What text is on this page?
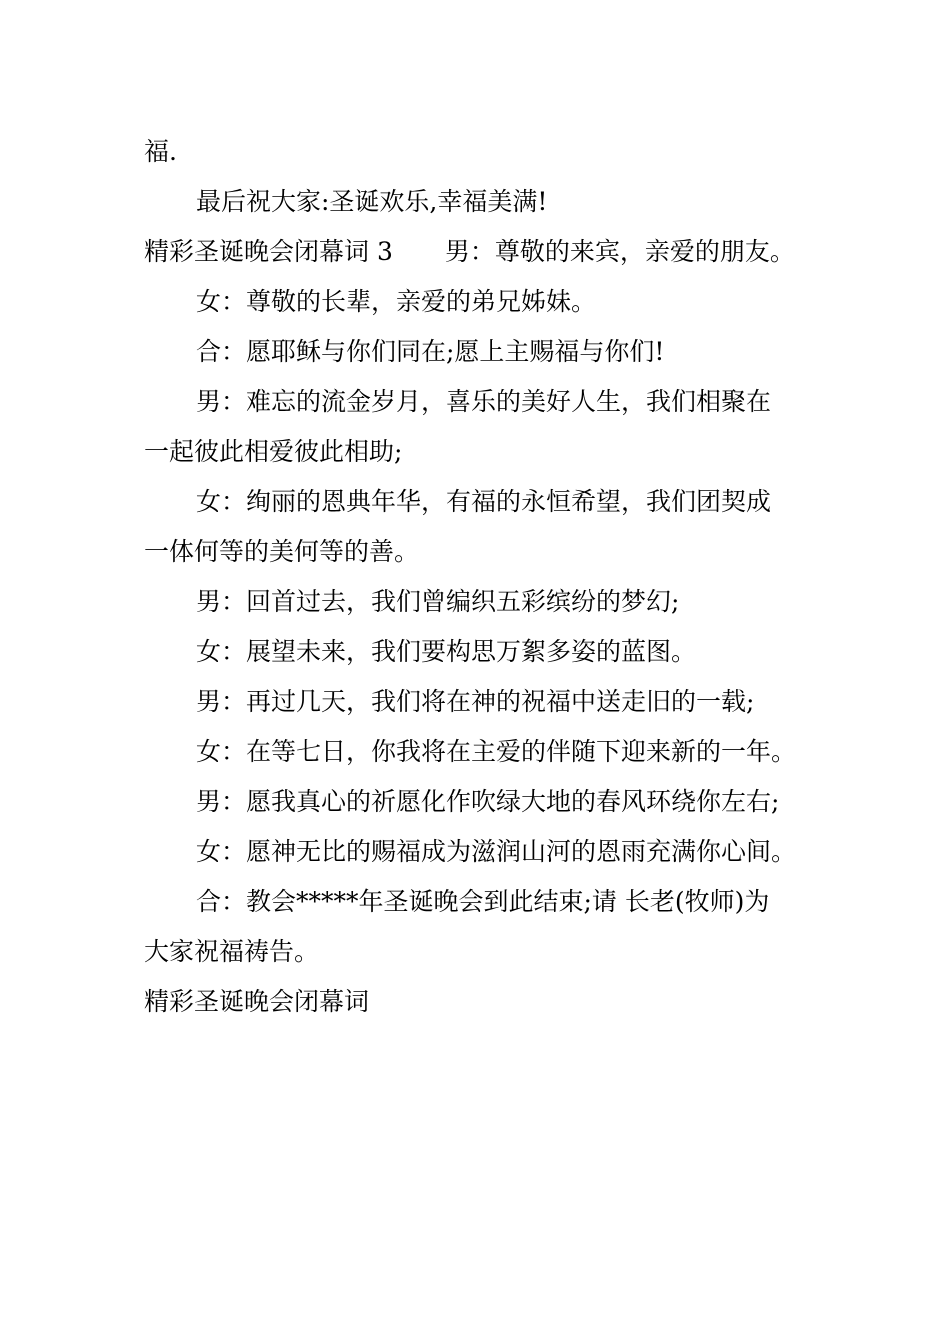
福.
最后祝大家:圣诞欢乐,幸福美满!
精彩圣诞晚会闭幕词 3 男：尊敬的来宾，亲爱的朋友。
女：尊敬的长辈，亲爱的弟兄姊妹。
合：愿耶稣与你们同在;愿上主赐福与你们!
男：难忘的流金岁月，喜乐的美好人生，我们相聚在
一起彼此相爱彼此相助;
女：绚丽的恩典年华，有福的永恒希望，我们团契成
一体何等的美何等的善。
男：回首过去，我们曾编织五彩缤纷的梦幻;
女：展望未来，我们要构思万絮多姿的蓝图。
男：再过几天，我们将在神的祝福中送走旧的一载;
女：在等七日，你我将在主爱的伴随下迎来新的一年。
男：愿我真心的祈愿化作吹绿大地的春风环绕你左右;
女：愿神无比的赐福成为滋润山河的恩雨充满你心间。
合：教会*****年圣诞晚会到此结束;请 长老(牧师)为
大家祝福祷告。
精彩圣诞晚会闭幕词
